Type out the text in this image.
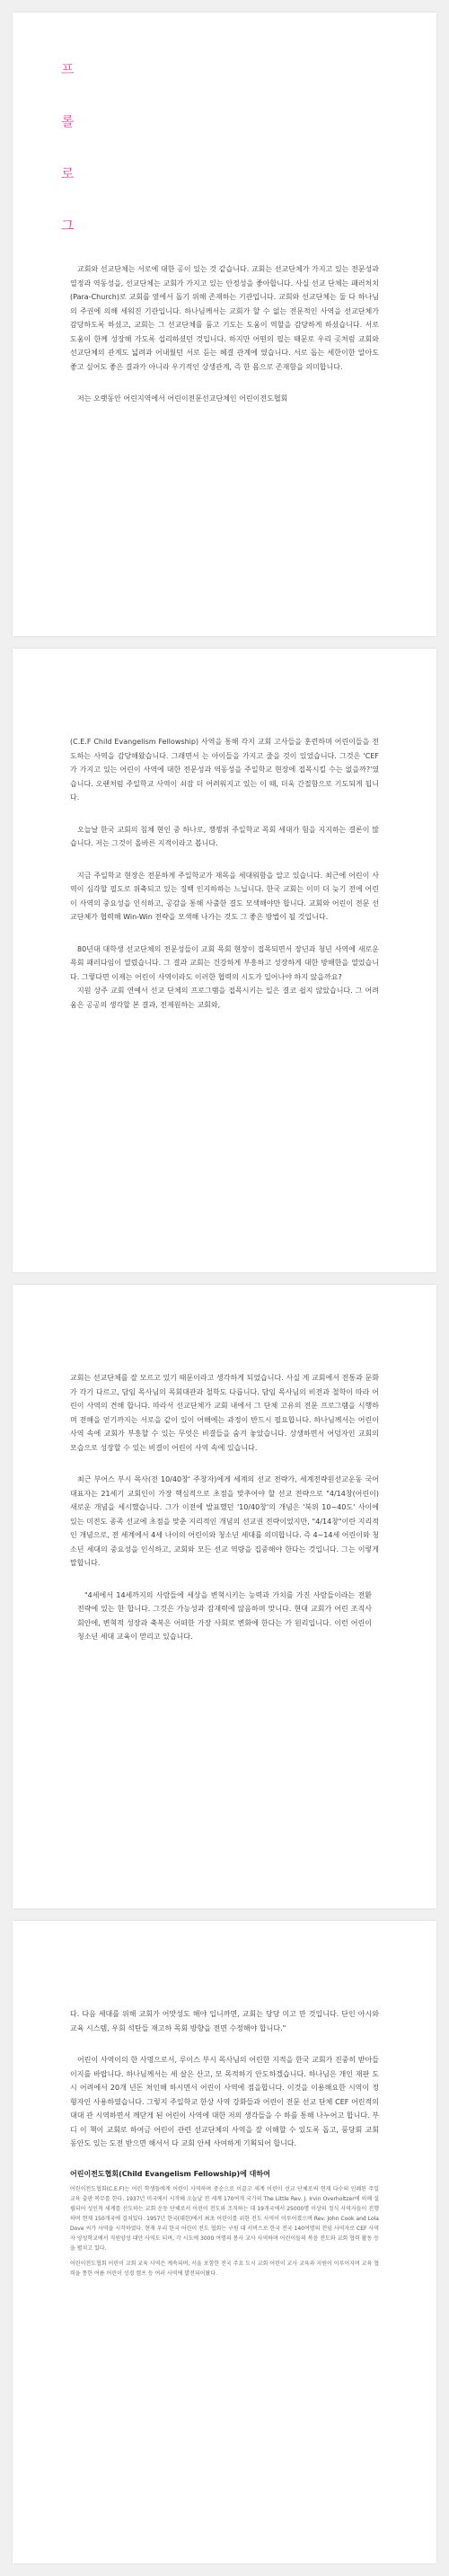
프
롤
로
그

교회와 선교단체는 서로에 대한 공이 있는 것 같습니다. 교회는 선교단체가 가지고 있는 전문성과 열정과 역동성을, 선교단체는 교회가 가지고 있는 안정성을 좋아합니다. 사실 선교 단체는 패러처치(Para-Church)로 교회를 옆에서 돕기 위해 존재하는 기관입니다. 교회와 선교단체는 둘 다 하나님의 주권에 의해 세워진 기관입니다. 하나님께서는 교회가 할 수 없는 전문적인 사역을 선교단체가 감당하도록 하셨고, 교회는 그 선교단체를 품고 기도는 도움이 역할을 감당하게 하셨습니다. 서로 도움이 한께 성장해 가도록 섭리하셨던 것입니다. 하지만 어떤의 필는 때문로 우리 곳처럼 교회와 선교단체의 관계도 넓려과 어내웠던 서로 듣는 혜결 관계에 였습니다. 서로 돕는 세한이한 알아도 좋고 싶어도 좋은 결과가 아니라 우기적인 상생관계, 즉 한 몸으로 존재함을 의미합니다.

저는 오랫동안 어린지역에서 어린이전문선교단체인 어린이전도협회

(C.E.F Child Evangelism Fellowship) 사역을 통해 각지 교회 고사들을 훈련하며 어린이들을 전도하는 사역을 감당해왔습니다. 그래면서 는 아이들을 가지고 줄을 것이 있었습니다. 그것은 'CEF가 가지고 있는 어린이 사역에 대한 전문성과 역동성을 주일학교 현장에 접목시킬 수는 없을까?'였습니다. 오랜처럼 주일학교 사역이 쇠잠 더 어려워지고 있는 이 때, 더욱 간절함으로 기도되게 됩니다.

오늘날 한국 교회의 침체 현인 중 하나로, 쟁쟁위 주일학교 목회 세대가 험을 지지하는 결론이 많습니다. 저는 그것이 올바른 지적이라고 봅니다.

지금 주일학교 현장은 전문하게 주일학교가 재목을 세대워함을 알고 있습니다. 최근에 어린이 사역이 심각할 필도로 위축되고 있는 징백 인지하하는 느닙니다. 한국 교회는 이미 더 늦기 전에 어린이 사역의 중요성을 인식하고, 공감을 통해 사출한 결도 모색해야만 합니다. 교회와 어린이 전문 선교단체가 협력해 Win-Win 전략을 모색해 나가는 것도 그 좋은 방법이 될 것입니다.

80년대 대학생 선교단체의 전문성들이 교회 목회 현장이 접목되면서 장년과 청년 사역에 새로운 목회 패러다임이 열렸습니다. 그 결과 교회는 건강하게 부흥하고 성장하게 대한 방해한을 열었습니다. 그렇다면 이제는 어린이 사역이라도 이러한 협력의 시도가 일어나야 하지 않을까요?

지원 상주 교회 연예서 선교 단체의 프로그램을 접목시키는 일은 결코 쉽지 않았습니다. 그 어려움은 공공의 생각할 본 결과, 전제원하는 교회와,

교회는 선교단체를 잘 모르고 있기 때문이라고 생각하게 되었습니다. 사실 게 교회에서 전통과 문화가 각기 다르고, 담임 목사님의 목회대관과 철학도 다릅니다. 담임 목사님의 비전과 철학이 따라 어린이 사역의 견해 합니다. 따라서 선교단체가 교회 내에서 그 단체 고유의 전문 프로그램을 시행하며 전해을 얻기까지는 서로을 같이 있이 어해에는 과정이 반드시 필요합니다. 하나님께서는 어린이 사역 속에 교회가 부흥할 수 있는 무엇은 비결들을 숨겨 놓았습니다. 상생하면서 어덩자인 교회의 모습으로 성장할 수 있는 비결이 어린이 사역 속에 있습니다.

최근 부어스 부시 목사(전 10/40창' 주창자)에게 세계의 선교 전략가, 세계전략원선교운동 국어대표자는 21세기 교회인이 가장 핵심적으로 초점을 맞추어야 할 선교 전략으로 "4/14창(어린이) 새로운 개념을 세시했습니다. 그가 이전에 발표했던 '10/40창'의 개념은 '북위 10~40도' 사이에 있는 미전도 종족 선교에 초점을 맞춘 지리적인 개념의 선교권 전략이었지만, "4/14창"이란 지리적인 개념으로, 전 세계에서 4세 나이의 어린이와 청소년 세대를 의미합니다. 즉 4~14세 어린이와 청소년 세대의 중요성을 인식하고, 교회와 모든 선교 역량을 집중해야 한다는 것입니다. 그는 이렇게 말합니다.

"4세에서 14세까지의 사람들에 세상을 변혁시키는 능력과 가치를 가진 사람들이라는 전환 전략에 있는 한 합니다. 그것은 가능성과 잠재력에 않음하며 맞니다. 현대 교회가 어린 조직사회안에, 변혁적 성장과 축복은 어떠한 가장 사회로 변화에 한다는 가 원리입니다. 이런 어린이 청소년 세대 교육이 맏리고 있습니다.

다. 다음 세대를 위해 교회가 어맛성도 해야 입니까면, 교회는 당당 미고 만 것입니다. 단인 아시와 교육 시스템, 우회 석탄들 재고하 목회 방향을 전면 수정해야 합니다."

어린이 사역이의 한 사명으로서, 루이스 부시 목사님의 어린한 지적을 한국 교회가 진중히 받아들이지를 바랍니다. 하나님께서는 세 살은 산고, 모 목적하기 안도하겠습니다. 하나님은 개인 재판 도시 어려에서 20개 년돈 처인해 하시면서 어린이 사역에 점을합니다. 이것을 이용해요한 시역이 정형자인 사용하였습니다. 그렇지 주일학교 한상 사역 강화들과 어린이 전문 선교 단체 CEF 어린적의 대대 관 시역하면서 깨닫게 된 어린이 사역에 대한 저의 생각들을 수 하를 통해 나누어고 합니다. 부디 이 책이 교회로 하여금 어린이 관련 선교단체의 사역을 잘 이해할 수 있도록 돕고, 풍당회 교회 동안도 있는 도전 받으면 해서서 다 교회 안세 사여하게 기획되어 합니다.

어린이전도협회(Child Evangelism Fellowship)에 대하여

어린이전도협회(C.E.F)는 어린 학생들에게 어린이 사역하며 중순으로 이끌고 세계 어린이 선교 단체로써 현재 다수의 인쇄된 주일 교육 출판 복무를 한다. 1937년 미국에서 시작해 오늘날 전 세계 170여개 국가의 The Little Rev. J. Irvin Overholtzer에 의해 설립되어 성인적 세계를 선도하는 교회 운동 단체로서 어린이 전도와 조직하는 대 19개국에서 25000명 이상의 정식 사역자들이 진행하며 현재 150개국에 걸쳐있다. 1957년 한국(대한)에서 최초 어린이를 위한 전도 사역이 이루어졌으며 Rev. John Cook and Lola Dove 씨가 사역을 시작하였다. 현재 우리 한국 어린이 전도 협회는 구원 대 서비스로 한국 전국 140여명의 전임 사역자로 CEF 사역자 양성학교에서 직원양성 대안 사역도 되며, 각 시도에 3000 여명의 봉사 교사 사역하며 어린이들의 복음 전도와 교회 협력 활동 등을 펼치고 있다.

어린이전도협회 어린이 교회 교육 사역은 계속되며, 서울 포함한 전국 주요 도시 교회 어린이 교사 교육과 지원이 이루어지며 교육 협력을 통한 여름 어린이 성경 캠프 등 여러 사역에 발전되어왔다.
